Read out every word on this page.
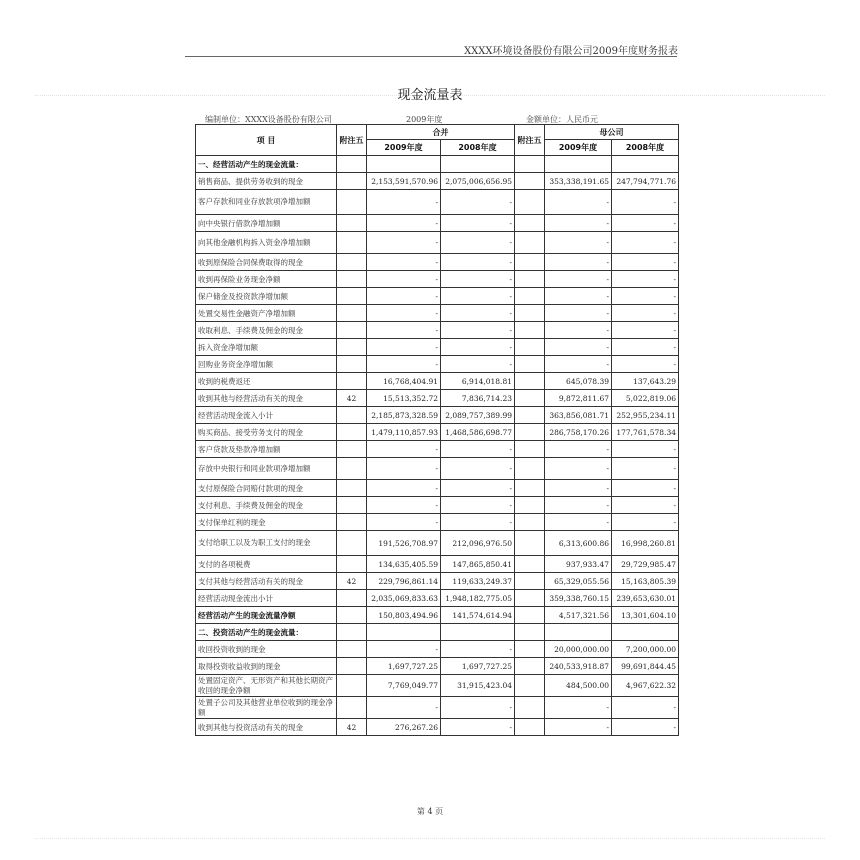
XXXX环境设备股份有限公司2009年度财务报表
现金流量表
编制单位：XXXX设备股份有限公司	2009年度	金额单位：人民币元
项 目	附注五	合并		附注五	母公司	
		2009年度	2008年度		2009年度	2008年度
一、经营活动产生的现金流量：						
销售商品、提供劳务收到的现金		2,153,591,570.96	2,075,006,656.95		353,338,191.65	247,794,771.76
客户存款和同业存放款项净增加额		-	-		-	-
向中央银行借款净增加额		-	-		-	-
向其他金融机构拆入资金净增加额		-	-		-	-
收到原保险合同保费取得的现金		-	-		-	-
收到再保险业务现金净额		-	-		-	-
保户储金及投资款净增加额		-	-		-	-
处置交易性金融资产净增加额		-	-		-	-
收取利息、手续费及佣金的现金		-	-		-	-
拆入资金净增加额		-	-		-	-
回购业务资金净增加额		-	-		-	-
收到的税费返还		16,768,404.91	6,914,018.81		645,078.39	137,643.29
收到其他与经营活动有关的现金	42	15,513,352.72	7,836,714.23		9,872,811.67	5,022,819.06
经营活动现金流入小计		2,185,873,328.59	2,089,757,389.99		363,856,081.71	252,955,234.11
购买商品、接受劳务支付的现金		1,479,110,857.93	1,468,586,698.77		286,758,170.26	177,761,578.34
客户贷款及垫款净增加额		-	-		-	-
存放中央银行和同业款项净增加额		-	-		-	-
支付原保险合同赔付款项的现金		-	-		-	-
支付利息、手续费及佣金的现金		-	-		-	-
支付保单红利的现金		-	-		-	-
支付给职工以及为职工支付的现金		191,526,708.97	212,096,976.50		6,313,600.86	16,998,260.81
支付的各项税费		134,635,405.59	147,865,850.41		937,933.47	29,729,985.47
支付其他与经营活动有关的现金	42	229,796,861.14	119,633,249.37		65,329,055.56	15,163,805.39
经营活动现金流出小计		2,035,069,833.63	1,948,182,775.05		359,338,760.15	239,653,630.01
经营活动产生的现金流量净额		150,803,494.96	141,574,614.94		4,517,321.56	13,301,604.10
二、投资活动产生的现金流量：						
收回投资收到的现金		-	-		20,000,000.00	7,200,000.00
取得投资收益收到的现金		1,697,727.25	1,697,727.25		240,533,918.87	99,691,844.45
处置固定资产、无形资产和其他长期资产收回的现金净额		7,769,049.77	31,915,423.04		484,500.00	4,967,622.32
处置子公司及其他营业单位收到的现金净额		-	-		-	-
收到其他与投资活动有关的现金	42	276,267.26	-		-	-
第 4 页
